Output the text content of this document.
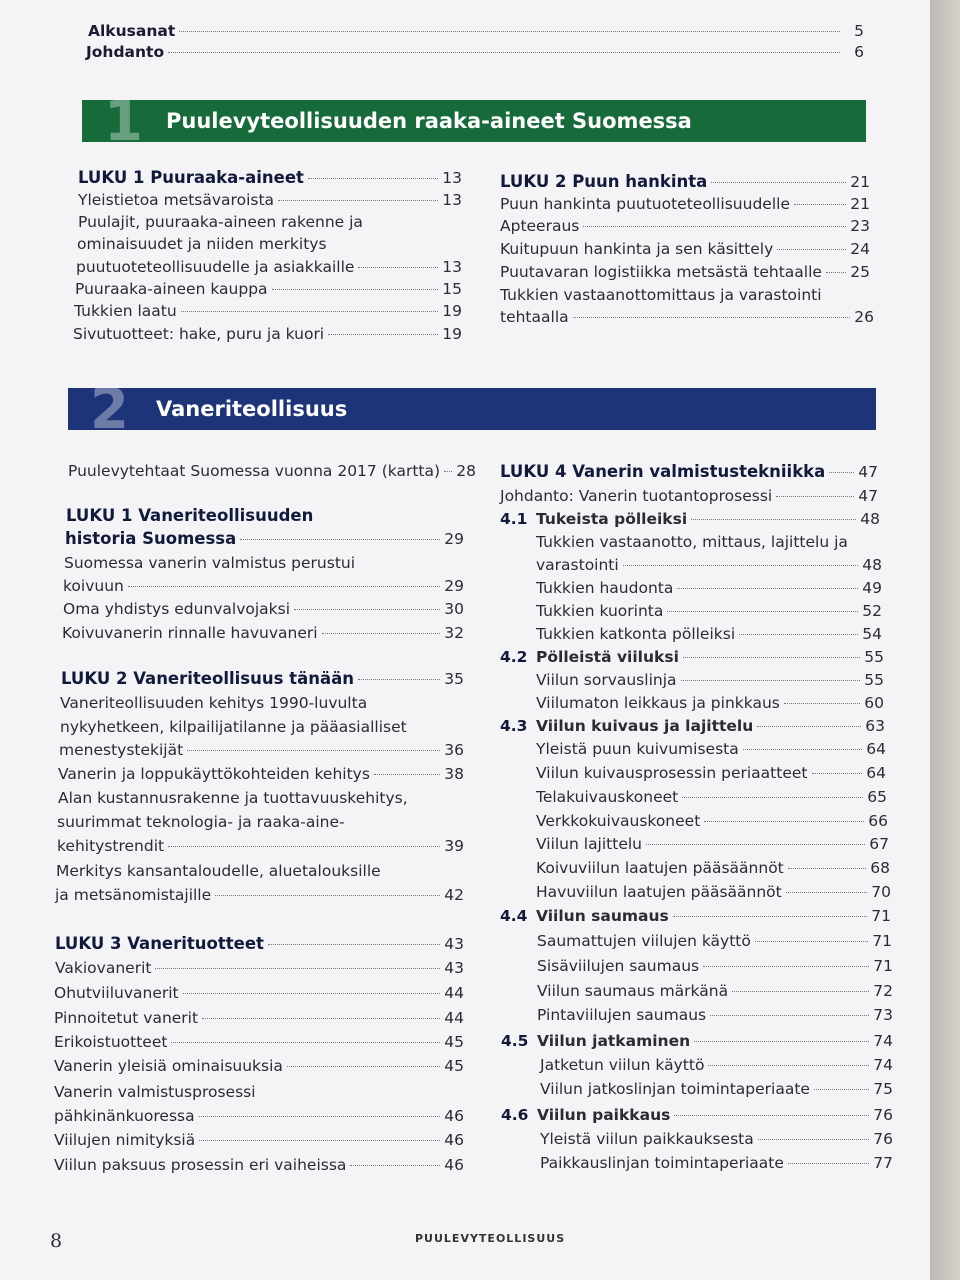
Alkusanat	5
Johdanto	6
1 Puulevyteollisuuden raaka-aineet Suomessa
LUKU 1 Puuraaka-aineet	13
Yleistietoa metsävaroista	13
Puulajit, puuraaka-aineen rakenne ja
ominaisuudet ja niiden merkitys
puutuoteteollisuudelle ja asiakkaille	13
Puuraaka-aineen kauppa	15
Tukkien laatu	19
Sivutuotteet: hake, puru ja kuori	19
LUKU 2 Puun hankinta	21
Puun hankinta puutuoteteollisuudelle	21
Apteeraus	23
Kuitupuun hankinta ja sen käsittely	24
Puutavaran logistiikka metsästä tehtaalle 25
Tukkien vastaanottomittaus ja varastointi
tehtaalla	26
2 Vaneriteollisuus
Puulevytehtaat Suomessa vuonna 2017 (kartta) 28
LUKU 1 Vaneriteollisuuden
historia Suomessa	29
Suomessa vanerin valmistus perustui
koivuun	29
Oma yhdistys edunvalvojaksi	30
Koivuvanerin rinnalle havuvaneri	32
LUKU 2 Vaneriteollisuus tänään	35
Vaneriteollisuuden kehitys 1990-luvulta
nykyhetkeen, kilpailijatilanne ja pääasialliset
menestystekijät	36
Vanerin ja loppukäyttökohteiden kehitys	38
Alan kustannusrakenne ja tuottavuuskehitys,
suurimmat teknologia- ja raaka-aine-
kehitystrendit	39
Merkitys kansantaloudelle, aluetalouksille
ja metsänomistajille	42
LUKU 3 Vanerituotteet	43
Vakiovanerit	43
Ohutviiluvanerit	44
Pinnoitetut vanerit	44
Erikoistuotteet	45
Vanerin yleisiä ominaisuuksia	45
Vanerin valmistusprosessi
pähkinänkuoressa	46
Viilujen nimityksiä	46
Viilun paksuus prosessin eri vaiheissa	46
LUKU 4 Vanerin valmistustekniikka 47
Johdanto: Vanerin tuotantoprosessi	47
4.1 Tukeista pölleiksi	48
Tukkien vastaanotto, mittaus, lajittelu ja
varastointi	48
Tukkien haudonta	49
Tukkien kuorinta	52
Tukkien katkonta pölleiksi	54
4.2 Pölleistä viiluksi	55
Viilun sorvauslinja	55
Viilumaton leikkaus ja pinkkaus	60
4.3 Viilun kuivaus ja lajittelu	63
Yleistä puun kuivumisesta	64
Viilun kuivausprosessin periaatteet	64
Telakuivauskoneet	65
Verkkokuivauskoneet	66
Viilun lajittelu	67
Koivuviilun laatujen pääsäännöt	68
Havuviilun laatujen pääsäännöt	70
4.4 Viilun saumaus	71
Saumattujen viilujen käyttö	71
Sisäviilujen saumaus	71
Viilun saumaus märkänä	72
Pintaviilujen saumaus	73
4.5 Viilun jatkaminen	74
Jatketun viilun käyttö	74
Viilun jatkoslinjan toimintaperiaate	75
4.6 Viilun paikkaus	76
Yleistä viilun paikkauksesta	76
Paikkauslinjan toimintaperiaate	77
8	PUULEVYTEOLLISUUS
